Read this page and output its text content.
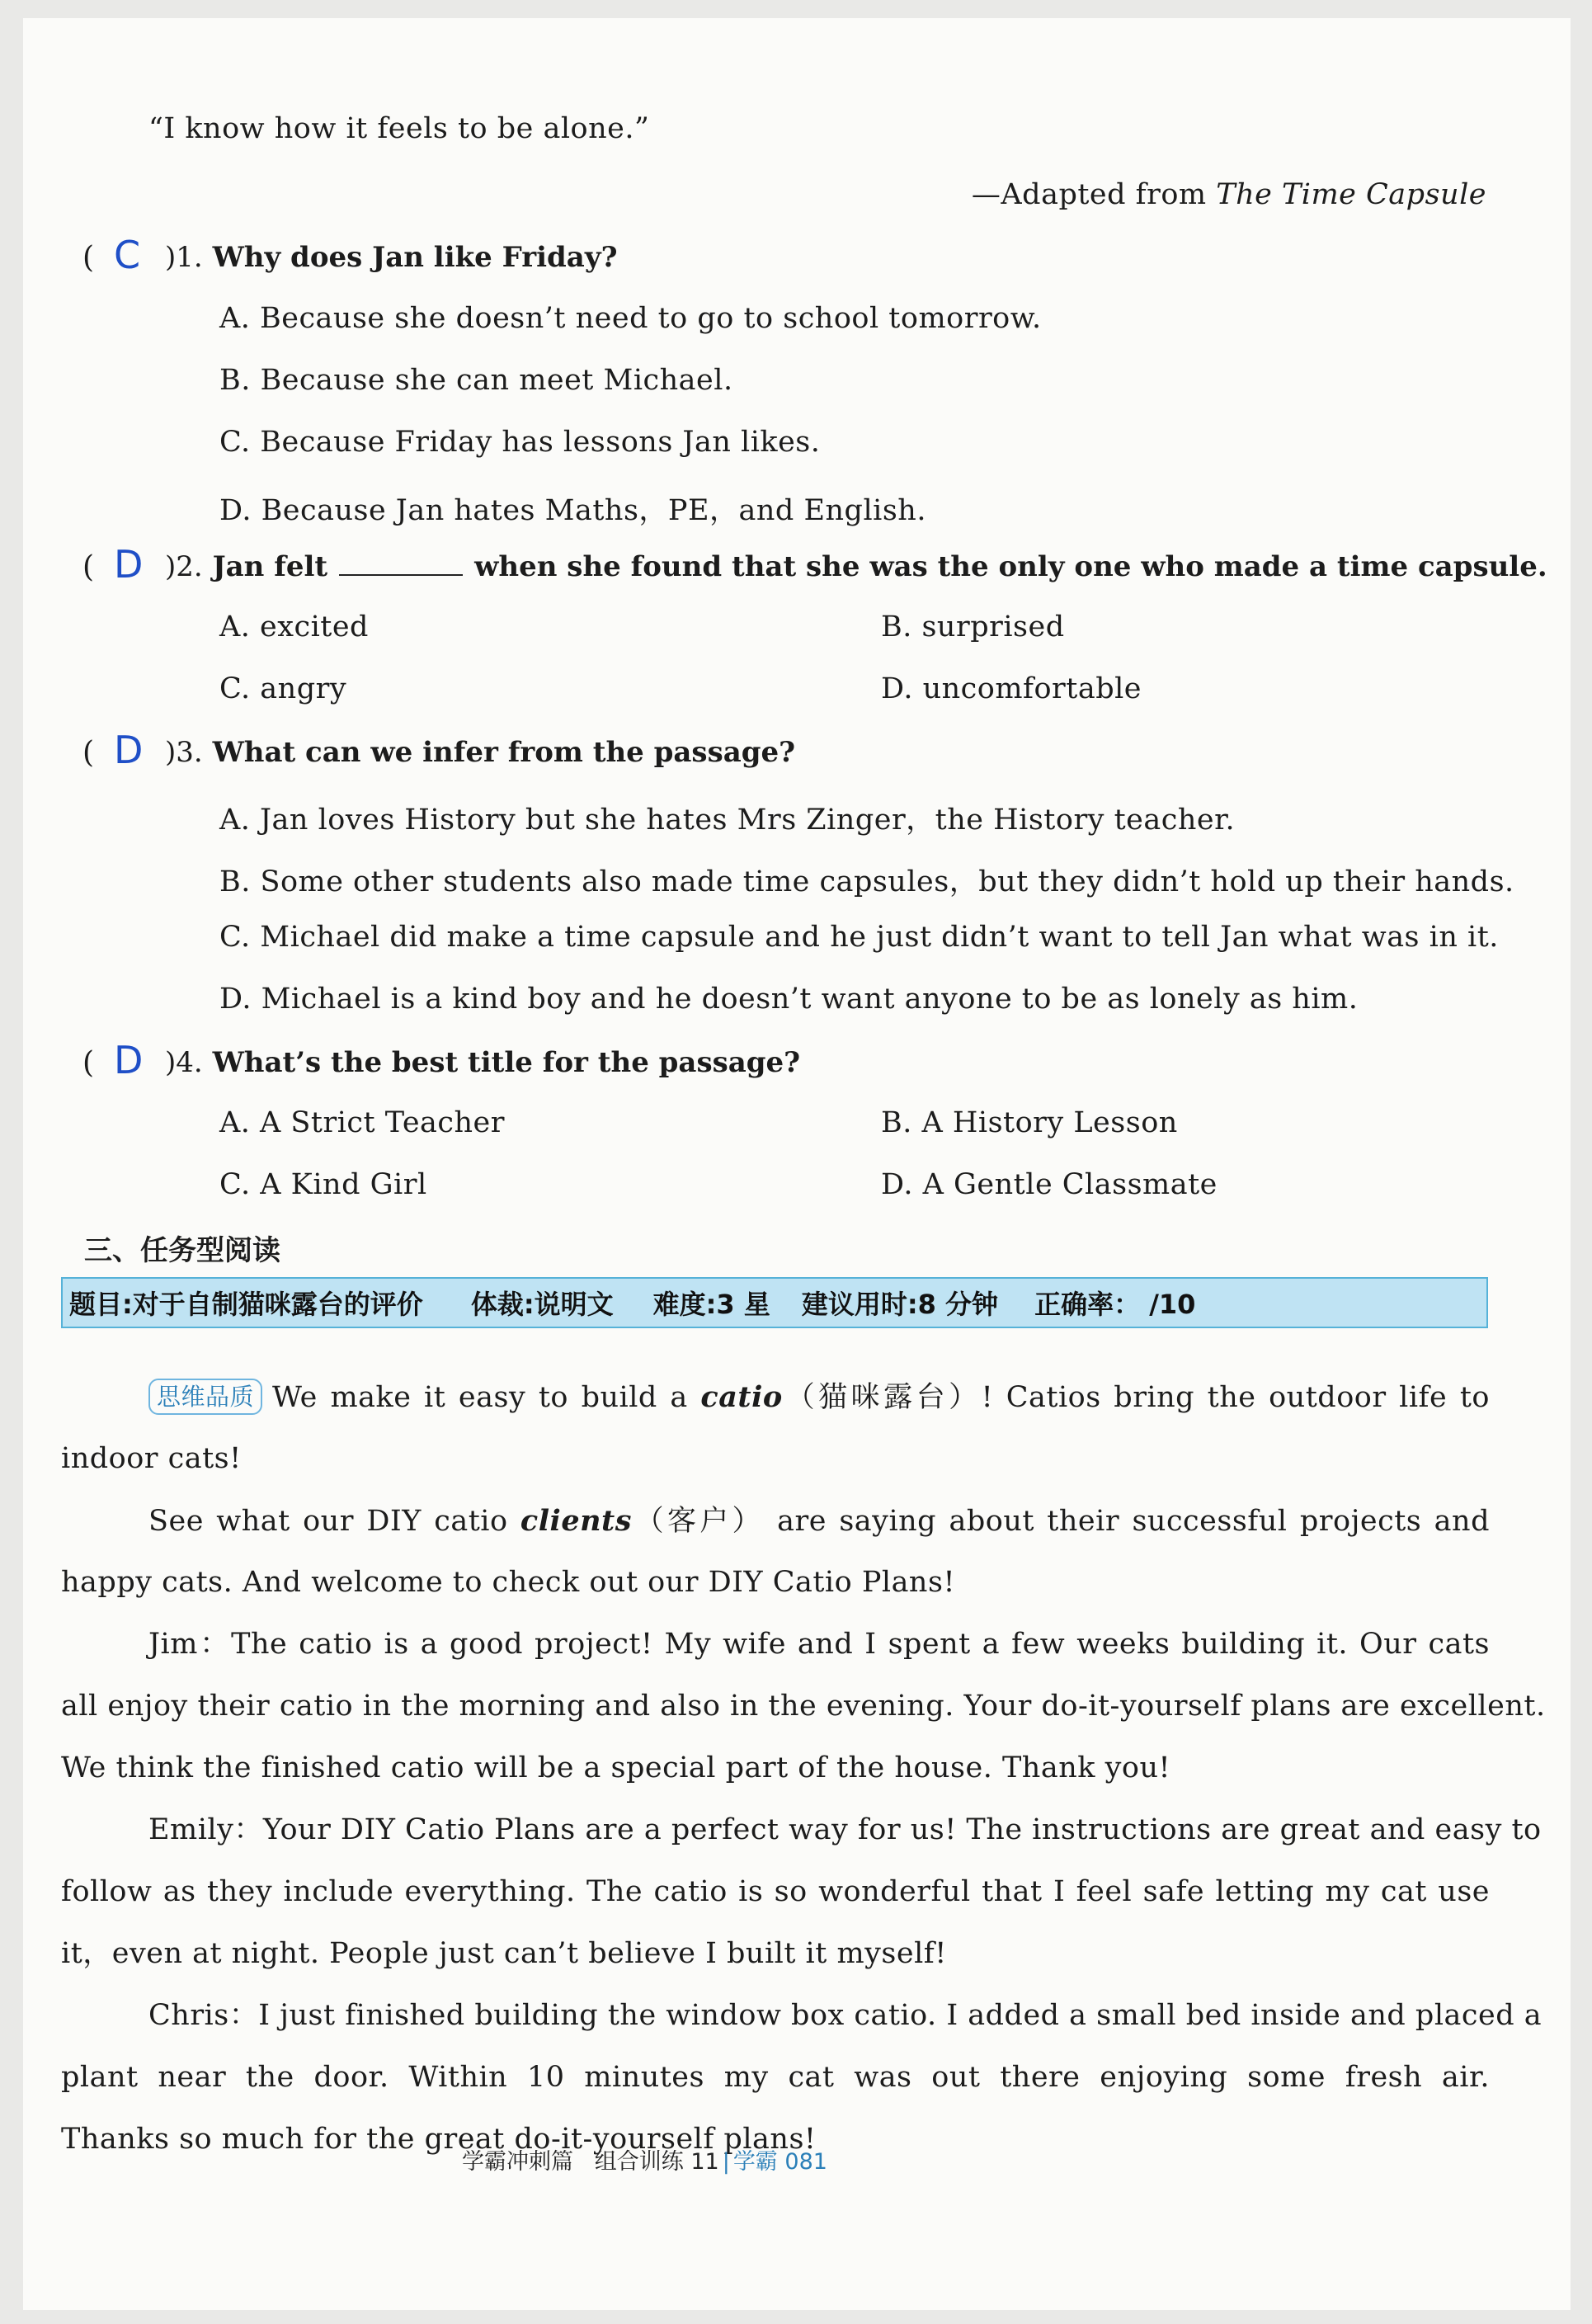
“I know how it feels to be alone.”
—Adapted from The Time Capsule
( C )1. Why does Jan like Friday?
A. Because she doesn’t need to go to school tomorrow.
B. Because she can meet Michael.
C. Because Friday has lessons Jan likes.
D. Because Jan hates Maths，PE，and English.
( D )2. Jan felt	when she found that she was the only one who made a time capsule.
A. excited	B. surprised
C. angry	D. uncomfortable
( D )3. What can we infer from the passage?
A. Jan loves History but she hates Mrs Zinger，the History teacher.
B. Some other students also made time capsules，but they didn’t hold up their hands.
C. Michael did make a time capsule and he just didn’t want to tell Jan what was in it.
D. Michael is a kind boy and he doesn’t want anyone to be as lonely as him.
( D )4. What’s the best title for the passage?
A. A Strict Teacher	B. A History Lesson
C. A Kind Girl	D. A Gentle Classmate
三、任务型阅读
题目:对于自制猫咪露台的评价 体裁:说明文 难度:3 星 建议用时:8 分钟 正确率： /10
思维品质 We make it easy to build a catio（猫咪露台）! Catios bring the outdoor life to
indoor cats!
See what our DIY catio clients（客户） are saying about their successful projects and
happy cats. And welcome to check out our DIY Catio Plans!
Jim：The catio is a good project! My wife and I spent a few weeks building it. Our cats
all enjoy their catio in the morning and also in the evening. Your do-it-yourself plans are excellent.
We think the finished catio will be a special part of the house. Thank you!
Emily：Your DIY Catio Plans are a perfect way for us! The instructions are great and easy to
follow as they include everything. The catio is so wonderful that I feel safe letting my cat use
it，even at night. People just can’t believe I built it myself!
Chris：I just finished building the window box catio. I added a small bed inside and placed a
plant near the door. Within 10 minutes my cat was out there enjoying some fresh air.
Thanks so much for the great do-it-yourself plans!
学霸冲刺篇 组合训练 11 | 学霸 081
